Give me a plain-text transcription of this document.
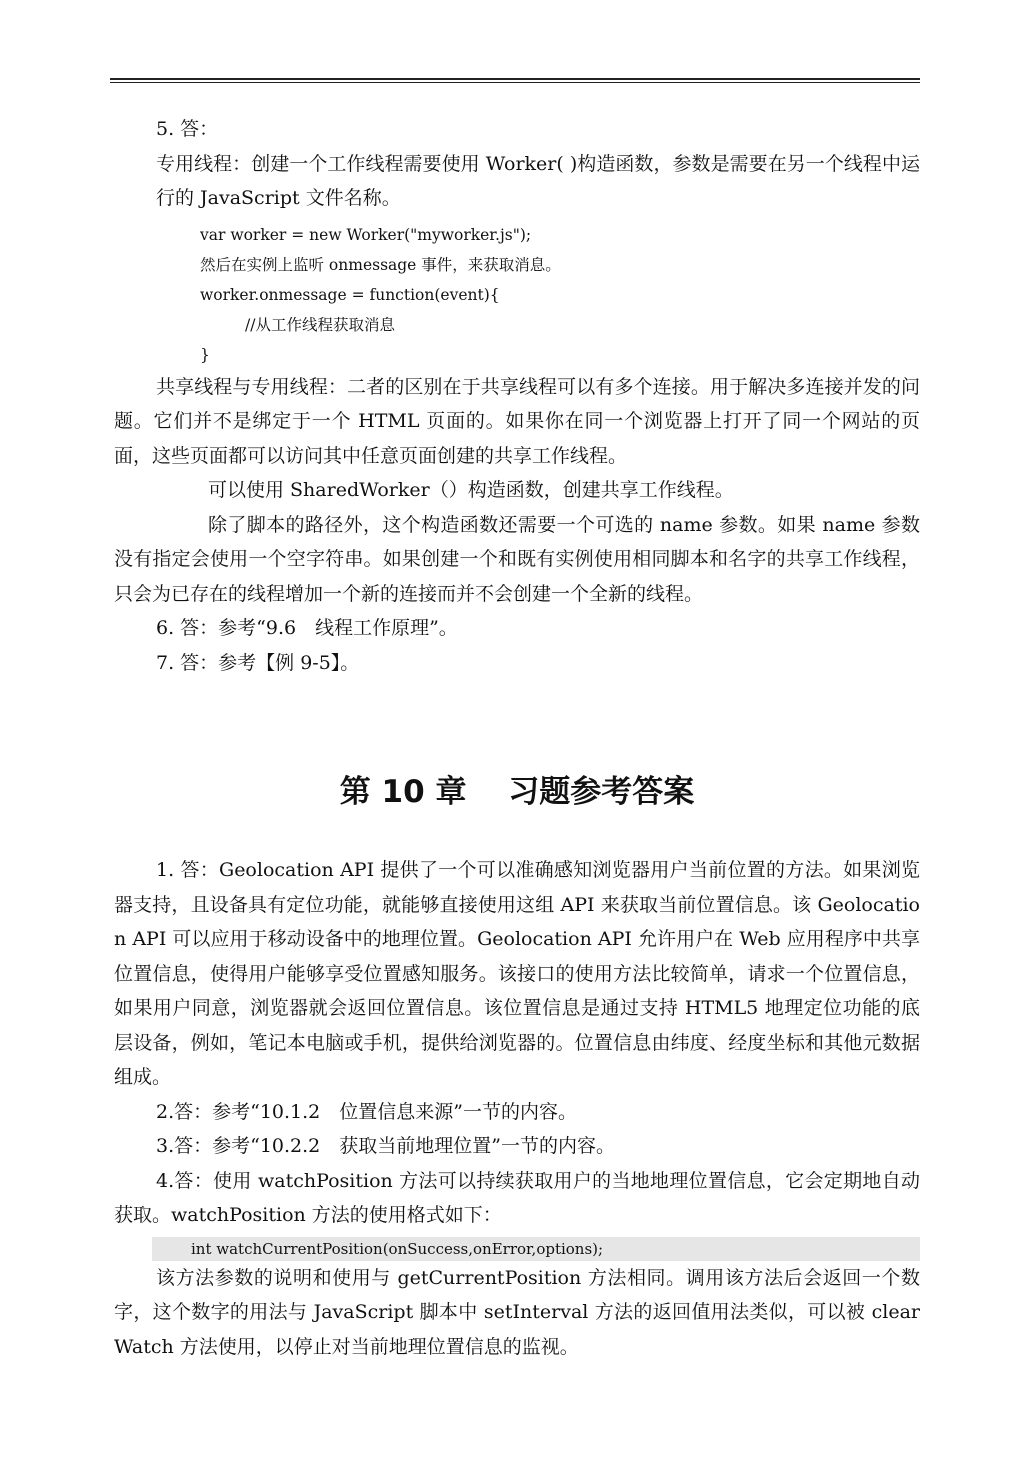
5. 答：

专用线程：创建一个工作线程需要使用 Worker( )构造函数，参数是需要在另一个线程中运行的 JavaScript 文件名称。

var worker = new Worker("myworker.js");

然后在实例上监听 onmessage 事件，来获取消息。

worker.onmessage = function(event){

//从工作线程获取消息

}

共享线程与专用线程：二者的区别在于共享线程可以有多个连接。用于解决多连接并发的问题。它们并不是绑定于一个 HTML 页面的。如果你在同一个浏览器上打开了同一个网站的页面，这些页面都可以访问其中任意页面创建的共享工作线程。

可以使用 SharedWorker（）构造函数，创建共享工作线程。

除了脚本的路径外，这个构造函数还需要一个可选的 name 参数。如果 name 参数没有指定会使用一个空字符串。如果创建一个和既有实例使用相同脚本和名字的共享工作线程，只会为已存在的线程增加一个新的连接而并不会创建一个全新的线程。

6. 答：参考“9.6　线程工作原理”。

7. 答：参考【例 9-5】。

第 10 章　 习题参考答案

1. 答：Geolocation API 提供了一个可以准确感知浏览器用户当前位置的方法。如果浏览器支持，且设备具有定位功能，就能够直接使用这组 API 来获取当前位置信息。该 Geolocation API 可以应用于移动设备中的地理位置。Geolocation API 允许用户在 Web 应用程序中共享位置信息，使得用户能够享受位置感知服务。该接口的使用方法比较简单，请求一个位置信息，如果用户同意，浏览器就会返回位置信息。该位置信息是通过支持 HTML5 地理定位功能的底层设备，例如，笔记本电脑或手机，提供给浏览器的。位置信息由纬度、经度坐标和其他元数据组成。

2.答：参考“10.1.2　位置信息来源”一节的内容。

3.答：参考“10.2.2　获取当前地理位置”一节的内容。

4.答：使用 watchPosition 方法可以持续获取用户的当地地理位置信息，它会定期地自动获取。watchPosition 方法的使用格式如下：

int watchCurrentPosition(onSuccess,onError,options);

该方法参数的说明和使用与 getCurrentPosition 方法相同。调用该方法后会返回一个数字，这个数字的用法与 JavaScript 脚本中 setInterval 方法的返回值用法类似，可以被 clearWatch 方法使用，以停止对当前地理位置信息的监视。
